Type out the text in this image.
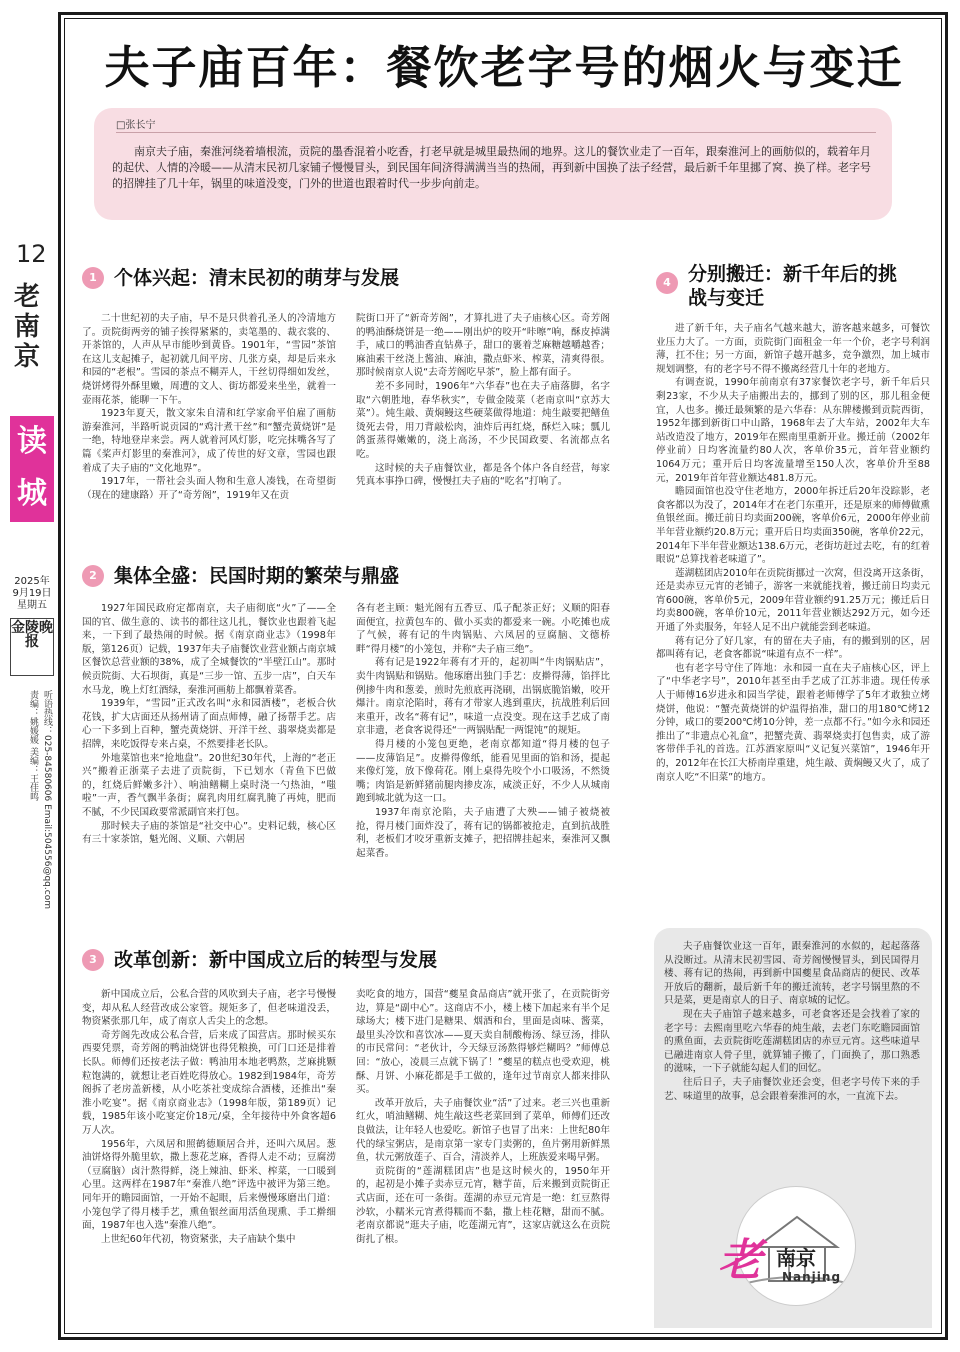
12
老南京
读城
2025年
9月19日
星期五
金陵晚报
听语热线：025-84580606 Email:504556@qq.com
责编：姚媛媛 美编：王佳鸣
夫子庙百年：餐饮老字号的烟火与变迁
□张长宁
南京夫子庙，秦淮河绕着墙根流，贡院的墨香混着小吃香，打老早就是城里最热闹的地界。这儿的餐饮业走了一百年，跟秦淮河上的画舫似的，载着年月的起伏、人情的冷暖——从清末民初几家铺子慢慢冒头，到民国年间济得满满当当的热闹，再到新中国换了法子经营，最后新千年里挪了窝、换了样。老字号的招牌挂了几十年，锅里的味道没变，门外的世道也跟着时代一步步向前走。
1 个体兴起：清末民初的萌芽与发展

二十世纪初的夫子庙，早不是只供着孔圣人的冷清地方了。贡院街两旁的铺子挨得紧紧的，卖笔墨的、裁衣裳的、开茶馆的，人声从早市能吵到黄昏。1901年，“雪园”茶馆在这儿支起摊子，起初就几间平房、几张方桌，却是后来永和园的“老根”。雪园的茶点不糊弄人，干丝切得细如发丝，烧饼烤得外酥里嫩，周遭的文人、街坊都爱来坐坐，就着一壶雨花茶，能聊一下午。

1923年夏天，散文家朱自清和红学家俞平伯雇了画舫游秦淮河，半路听说贡园的“鸡汁煮干丝”和“蟹壳黄烧饼”是一绝，特地登岸来尝。两人就着河风灯影，吃完抹嘴各写了篇《桨声灯影里的秦淮河》，成了传世的好文章，雪园也跟着成了夫子庙的“文化地界”。

1917年，一帮社会头面人物和生意人凑钱，在奇望街（现在的建康路）开了“奇芳阁”，1919年又在贡

院街口开了“新奇芳阁”，才算扎进了夫子庙核心区。奇芳阁的鸭油酥烧饼是一绝——刚出炉的咬开“咔嚓”响，酥皮掉满手，咸口的鸭油香直钻鼻子，甜口的裹着芝麻糖越嚼越香；麻油素干丝浇上酱油、麻油，撒点虾米、榨菜，清爽得很。那时候南京人说“去奇芳阁吃早茶”，脸上都有面子。

差不多同时，1906年“六华春”也在夫子庙落脚，名字取“六朝胜地，春华秋实”，专做金陵菜（老南京叫“京苏大菜”）。炖生敲、黄焖鳗这些硬菜做得地道：炖生敲要把鳝鱼烫死去骨，用刀背敲松肉，油炸后再红烧，酥烂入味；瓢儿鸽蛋蒸得嫩嫩的，浇上高汤，不少民国政要、名流都点名吃。

这时候的夫子庙餐饮业，都是各个体户各自经营，每家凭真本事挣口碑，慢慢扛夫子庙的“吃名”打响了。

2 集体全盛：民国时期的繁荣与鼎盛

1927年国民政府定都南京，夫子庙彻底“火”了——全国的官、做生意的、读书的都往这儿扎，餐饮业也跟着飞起来，一下到了最热闹的时候。据《南京商业志》（1998年版，第126页）记载，1937年夫子庙餐饮业营业额占南京城区餐饮总营业额的38%，成了全城餐饮的“半壁江山”。那时候贡院街、大石坝街，真是“三步一馆、五步一店”，白天车水马龙，晚上灯红酒绿，秦淮河画舫上都飘着菜香。

1939年，“雪园”正式改名叫“永和园酒楼”，老板合伙花钱，扩大店面还从扬州请了面点师傅，融了扬帮手艺。店心一下多到上百种，蟹壳黄烧饼、开洋干丝、翡翠烧卖都是招牌，来吃饭得专来占桌，不然要排老长队。

外地菜馆也来“抢地盘”。20世纪30年代，上海的“老正兴”搬着正浙菜子去进了贡院街，下已划水（青鱼下巴做的，红烧后鲜嫩多汁）、响油鳝糊上桌时浇一勺热油，“嗤啦”一声，香气飘半条街；腐乳肉用红腐乳腌了再炖，肥而不腻，不少民国政要常派副官来打包。

那时候夫子庙的茶馆是“社交中心”。史料记载，核心区有三十家茶馆，魁光阁、义顺、六朝居

各有老主顾：魁光阁有五香豆、瓜子配茶正好；义顺的阳春面便宜，拉黄包车的、做小买卖的都爱来一碗。小吃摊也成了气候，蒋有记的牛肉锅贴、六凤居的豆腐脑、文德桥畔“得月楼”的小笼包，并称“夫子庙三绝”。

蒋有记是1922年蒋有才开的，起初叫“牛肉锅贴店”，卖牛肉锅贴和锅贴。他琢磨出独门手艺：皮擀得薄，馅拌比例掺牛肉和葱姜，煎时先煎底再浇刷，出锅底脆馅嫩，咬开爆汁。南京沦陷时，蒋有才带家人逃到重庆，抗战胜利后回来重开，改名“蒋有记”，味道一点没变。现在这手艺成了南京非遗，老食客说得还“一两锅贴配一两馄饨”的规矩。

得月楼的小笼包更绝，老南京都知道“得月楼的包子——皮薄馅足”。皮擀得像纸，能看见里面的馅和汤，提起来像灯笼，放下像荷花。刚上桌得先咬个小口吸汤，不然烫嘴；肉馅是新鲜猪前腿肉掺皮冻，咸淡正好，不少人从城南跑到城北就为这一口。

1937年南京沦陷，夫子庙遭了大殃——铺子被烧被抢，得月楼门面炸没了，蒋有记的锅都被抢走，直到抗战胜利，老板们才咬牙重新支摊子，把招牌挂起来，秦淮河又飘起菜香。

3 改革创新：新中国成立后的转型与发展

新中国成立后，公私合营的风吹到夫子庙，老字号慢慢变，却从私人经营改成公家管。规矩多了，但老味道没丢，物资紧张那几年，成了南京人舌尖上的念想。

奇芳阁先改成公私合营，后来成了国营店。那时候买东西要凭票，奇芳阁的鸭油烧饼也得凭粮换，可门口还是排着长队。师傅们还按老法子做：鸭油用本地老鸭熬，芝麻挑颗粒饱满的，就想让老百姓吃得放心。1982到1984年，奇芳阁拆了老房盖新楼，从小吃茶社变成综合酒楼，还推出“秦淮小吃宴”。据《南京商业志》（1998年版，第189页）记载，1985年该小吃宴定价18元/桌，全年接待中外食客超6万人次。

1956年，六凤居和照鹤德顺居合并，还叫六凤居。葱油饼烙得外脆里软，撒上葱花芝麻，香得人走不动；豆腐涝（豆腐脑）卤汁熬得鲜，浇上辣油、虾米、榨菜，一口暖到心里。这两样在1987年“秦淮八绝”评选中被评为第三绝。同年开的瞻园面馆，一开始不起眼，后来慢慢琢磨出门道：小笼包学了得月楼手艺，熏鱼银丝面用活鱼现熏、手工擀细面，1987年也入选“秦淮八绝”。

上世纪60年代初，物资紧张，夫子庙缺个集中

卖吃食的地方，国营“夔星食品商店”就开张了，在贡院街旁边，算是“副中心”。这商店不小，楼上楼下加起来有半个足球场大；楼下进门是糖果、烟酒和台，里面是卤味、酱菜，最里头冷饮和喜饮冰——夏天卖自制酸梅汤、绿豆汤，排队的市民常问：“老伙计，今天绿豆汤熬得够烂糊吗？”师傅总回：“放心，凌晨三点就下锅了！”夔星的糕点也受欢迎，桃酥、月饼、小麻花都是手工做的，逢年过节南京人都来排队买。

改革开放后，夫子庙餐饮业“活”了过来。老三兴也重新红火，哨油鳝糊、炖生敲这些老菜回到了菜单，师傅们还改良做法，让年轻人也爱吃。新馆子也冒了出来：上世纪80年代的绿宝粥店，是南京第一家专门卖粥的，鱼片粥用新鲜黑鱼，状元粥放莲子、百合，清淡养人，上班族爱来喝早粥。

贡院街的“莲湖糕团店”也是这时候火的，1950年开的，起初是小摊子卖赤豆元宵，糖芋苗，后来搬到贡院街正式店面，还在可一条街。莲湖的赤豆元宵是一绝：红豆熬得沙软，小糯米元宵煮得糯而不黏，撒上桂花糖，甜而不腻。老南京都说“逛夫子庙，吃莲湖元宵”，这家店就这么在贡院街扎了根。

4 分别搬迁：新千年后的挑
战与变迁

进了新千年，夫子庙名气越来越大，游客越来越多，可餐饮业压力大了。一方面，贡院街门面租金一年一个价，老字号利润薄，扛不住；另一方面，新馆子越开越多，竞争激烈，加上城市规划调整，有的老字号不得不搬离经营几十年的老地方。

有调查说，1990年前南京有37家餐饮老字号，新千年后只剩23家，不少从夫子庙搬出去的，挪到了别的区，那儿租金便宜，人也多。搬迁最频繁的是六华春：从东牌楼搬到贡院西街，1952年挪到新街口中山路，1968年去了大车站，2002年大车站改造没了地方，2019年在熙南里重新开业。搬迁前（2002年停业前）日均客流量约80人次，客单价35元，首年营业额约1064万元；重开后日均客流量增至150人次，客单价升至88元，2019年首年营业额达481.8万元。

瞻园面馆也没守住老地方，2000年拆迁后20年没踪影，老食客都以为没了，2014年才在老门东重开，还是原来的师傅做熏鱼银丝面。搬迁前日均卖面200碗，客单价6元，2000年停业前半年营业额约20.8万元；重开后日均卖面350碗，客单价22元，2014年下半年营业额达138.6万元，老街坊赶过去吃，有的红着眼说“总算找着老味道了”。

莲湖糕团店2010年在贡院街挪过一次窝，但没离开这条街，还是卖赤豆元宵的老铺子，游客一来就能找着，搬迁前日均卖元宵600碗，客单价5元，2009年营业额约91.25万元；搬迁后日均卖800碗，客单价10元，2011年营业额达292万元，如今还开通了外卖服务，年轻人足不出户就能尝到老味道。

蒋有记分了好几家，有的留在夫子庙，有的搬到别的区，居都叫蒋有记，老食客都说“味道有点不一样”。

也有老字号守住了阵地：永和园一直在夫子庙核心区，评上了“中华老字号”，2010年甚至由手艺成了江苏非遗。现任传承人于师傅16岁进永和园当学徒，跟着老师傅学了5年才敢独立烤烧饼，他说：“蟹壳黄烧饼的炉温得掐准，甜口的用180℃烤12分钟，咸口的要200℃烤10分钟，差一点都不行。”如今永和园还推出了“非遗点心礼盒”，把蟹壳黄、翡翠烧卖打包售卖，成了游客带伴手礼的首选。江苏酒家原叫“义记复兴菜馆”，1946年开的，2012年在长江大桥南岸重建，炖生敲、黄焖鳗又火了，成了南京人吃“不旧菜”的地方。

夫子庙餐饮业这一百年，跟秦淮河的水似的，起起落落从没断过。从清末民初雪园、奇芳阁慢慢冒头，到民国得月楼、蒋有记的热闹，再到新中国夔星食品商店的便民、改革开放后的翻新，最后新千年的搬迁流转，老字号锅里熬的不只是菜，更是南京人的日子、南京城的记忆。

现在夫子庙馆子越来越多，可老食客还是会找着了家的老字号：去熙南里吃六华春的炖生敲，去老门东吃瞻园面馆的熏鱼面，去贡院街吃莲湖糕团店的赤豆元宵。这些味道早已融进南京人骨子里，就算铺子搬了，门面换了，那口熟悉的滋味，一下子就能勾起人们的回忆。

往后日子，夫子庙餐饮业还会变，但老字号传下来的手艺、味道里的故事，总会跟着秦淮河的水，一直流下去。

老 南京
Nanjing
